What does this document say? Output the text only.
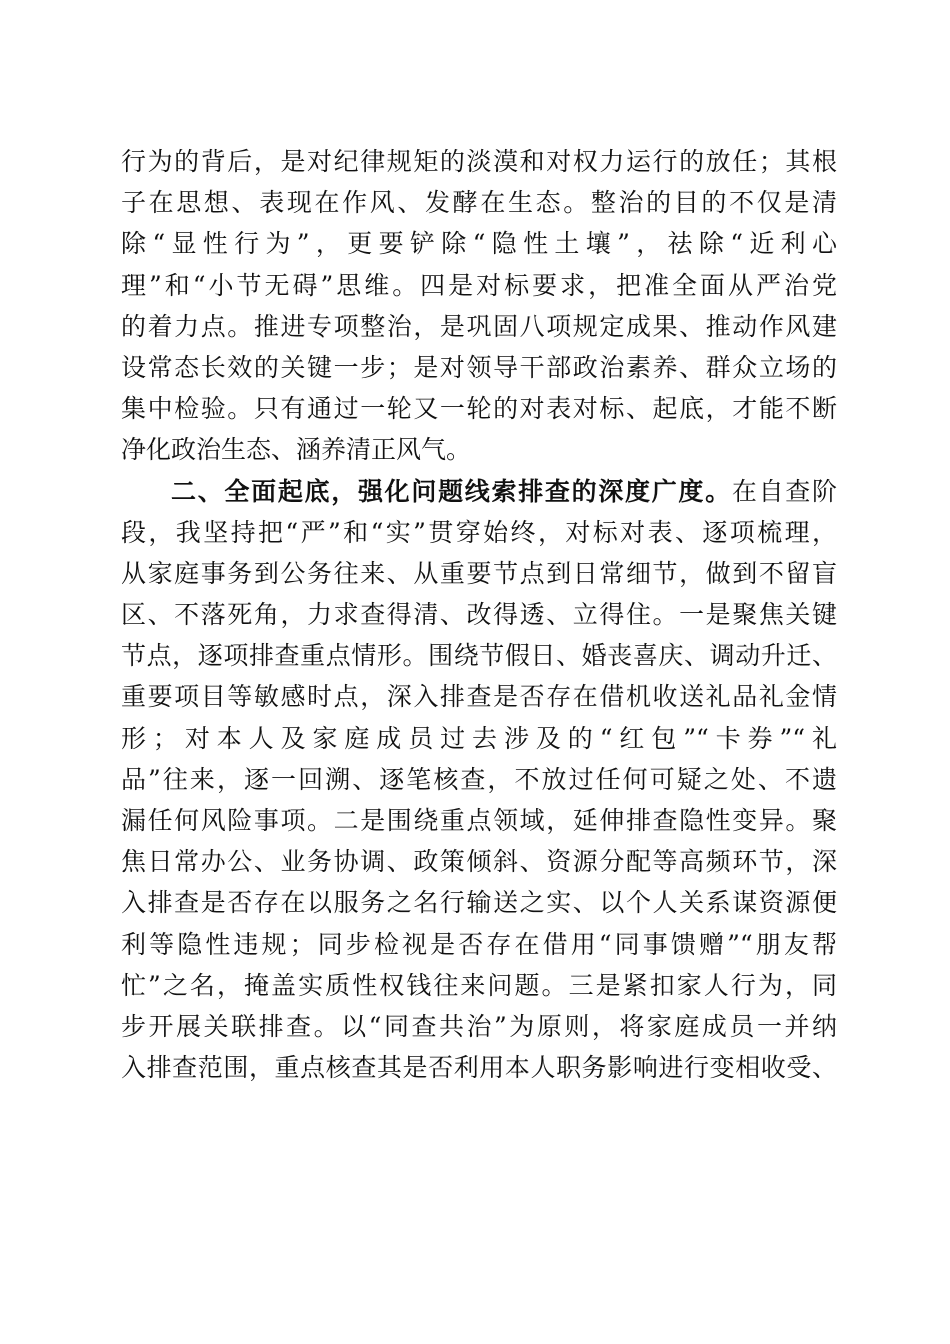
行为的背后，是对纪律规矩的淡漠和对权力运行的放任；其根
子在思想、表现在作风、发酵在生态。整治的目的不仅是清
除“显性行为”，更要铲除“隐性土壤”，祛除“近利心
理”和“小节无碍”思维。四是对标要求，把准全面从严治党
的着力点。推进专项整治，是巩固八项规定成果、推动作风建
设常态长效的关键一步；是对领导干部政治素养、群众立场的
集中检验。只有通过一轮又一轮的对表对标、起底，才能不断
净化政治生态、涵养清正风气。
二、全面起底，强化问题线索排查的深度广度。在自查阶
段，我坚持把“严”和“实”贯穿始终，对标对表、逐项梳理，
从家庭事务到公务往来、从重要节点到日常细节，做到不留盲
区、不落死角，力求查得清、改得透、立得住。一是聚焦关键
节点，逐项排查重点情形。围绕节假日、婚丧喜庆、调动升迁、
重要项目等敏感时点，深入排查是否存在借机收送礼品礼金情
形；对本人及家庭成员过去涉及的“红包”“卡券”“礼
品”往来，逐一回溯、逐笔核查，不放过任何可疑之处、不遗
漏任何风险事项。二是围绕重点领域，延伸排查隐性变异。聚
焦日常办公、业务协调、政策倾斜、资源分配等高频环节，深
入排查是否存在以服务之名行输送之实、以个人关系谋资源便
利等隐性违规；同步检视是否存在借用“同事馈赠”“朋友帮
忙”之名，掩盖实质性权钱往来问题。三是紧扣家人行为，同
步开展关联排查。以“同查共治”为原则，将家庭成员一并纳
入排查范围，重点核查其是否利用本人职务影响进行变相收受、
